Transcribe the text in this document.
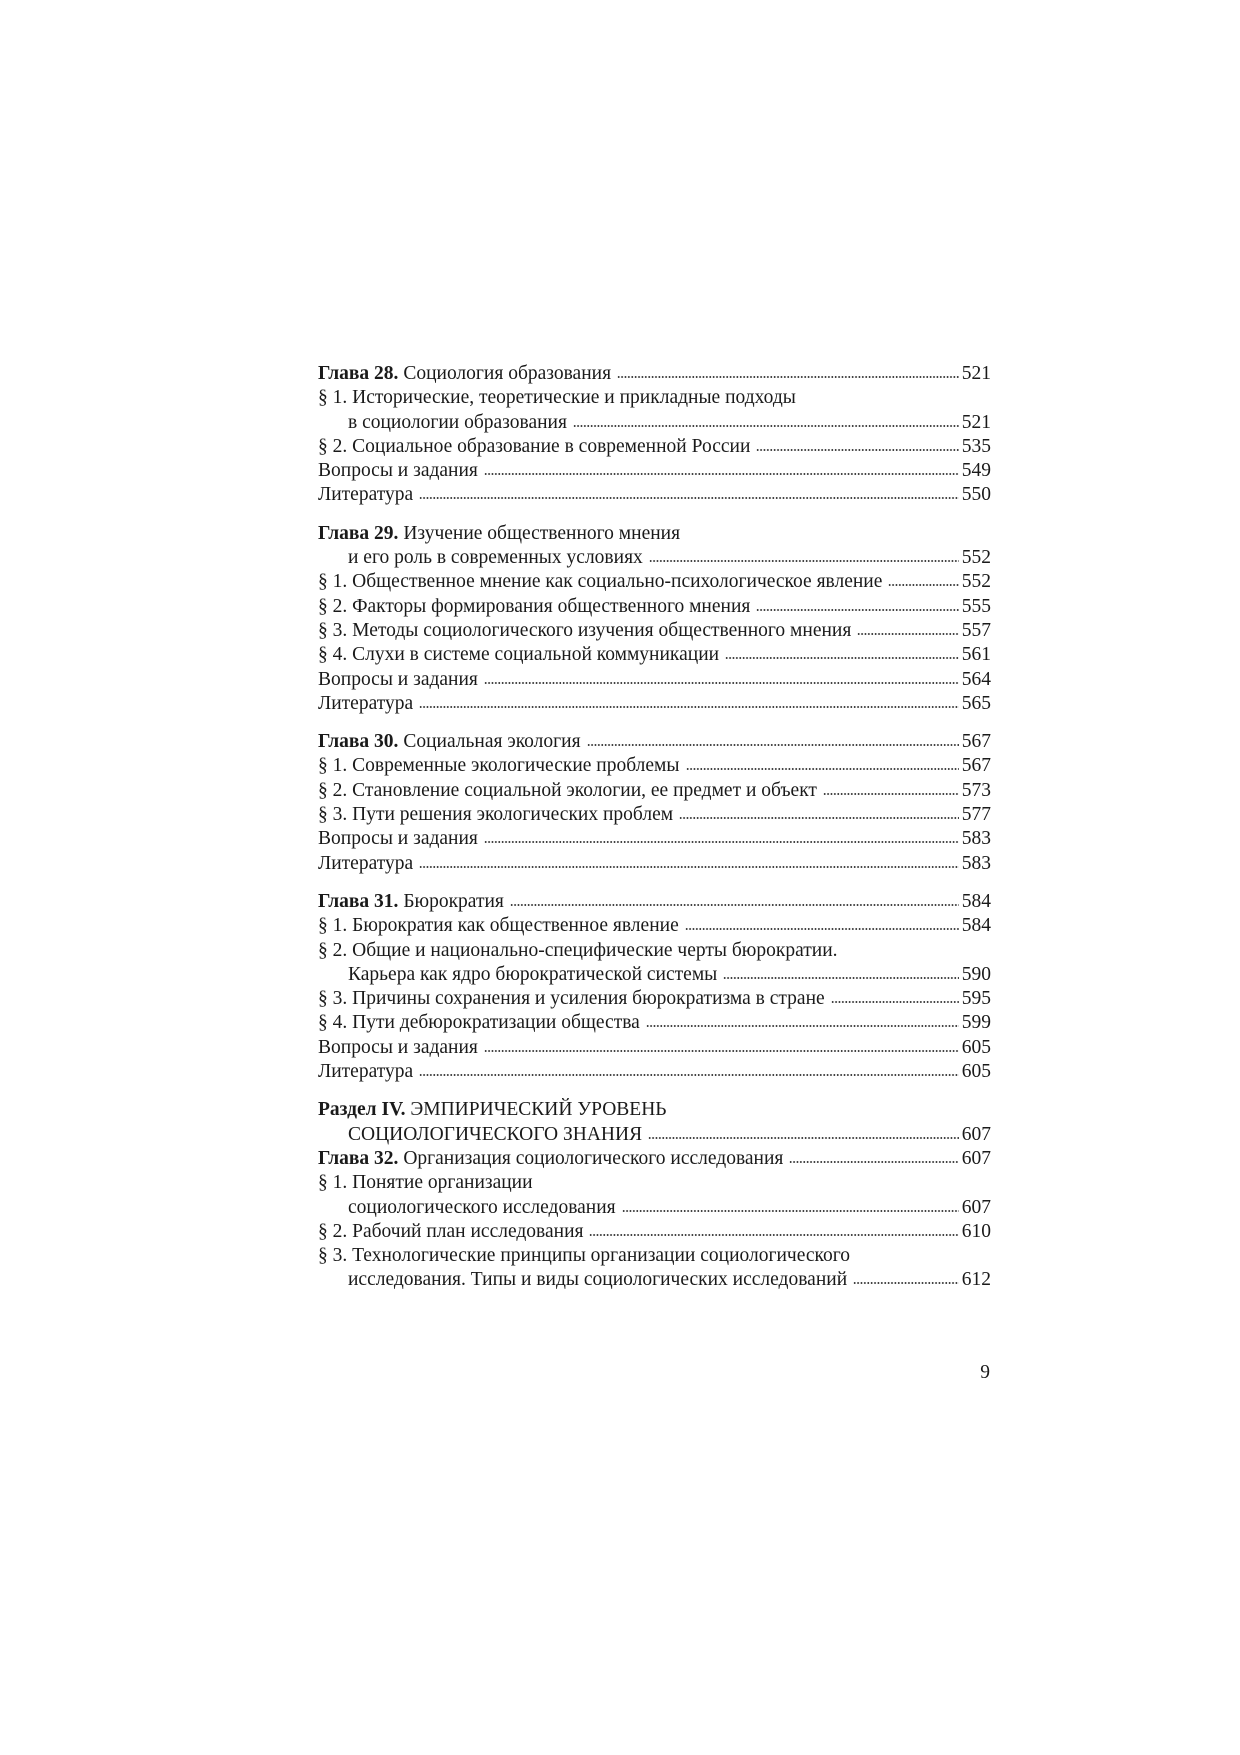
Глава 28. Социология образования	521
§ 1. Исторические, теоретические и прикладные подходы
в социологии образования	521
§ 2. Социальное образование в современной России	535
Вопросы и задания	549
Литература	550
Глава 29. Изучение общественного мнения
и его роль в современных условиях	552
§ 1. Общественное мнение как социально-психологическое явление	552
§ 2. Факторы формирования общественного мнения	555
§ 3. Методы социологического изучения общественного мнения	557
§ 4. Слухи в системе социальной коммуникации	561
Вопросы и задания	564
Литература	565
Глава 30. Социальная экология	567
§ 1. Современные экологические проблемы	567
§ 2. Становление социальной экологии, ее предмет и объект	573
§ 3. Пути решения экологических проблем	577
Вопросы и задания	583
Литература	583
Глава 31. Бюрократия	584
§ 1. Бюрократия как общественное явление	584
§ 2. Общие и национально-специфические черты бюрократии.
Карьера как ядро бюрократической системы	590
§ 3. Причины сохранения и усиления бюрократизма в стране	595
§ 4. Пути дебюрократизации общества	599
Вопросы и задания	605
Литература	605
Раздел IV. ЭМПИРИЧЕСКИЙ УРОВЕНЬ
СОЦИОЛОГИЧЕСКОГО ЗНАНИЯ	607
Глава 32. Организация социологического исследования	607
§ 1. Понятие организации
социологического исследования	607
§ 2. Рабочий план исследования	610
§ 3. Технологические принципы организации социологического
исследования. Типы и виды социологических исследований	612
9
